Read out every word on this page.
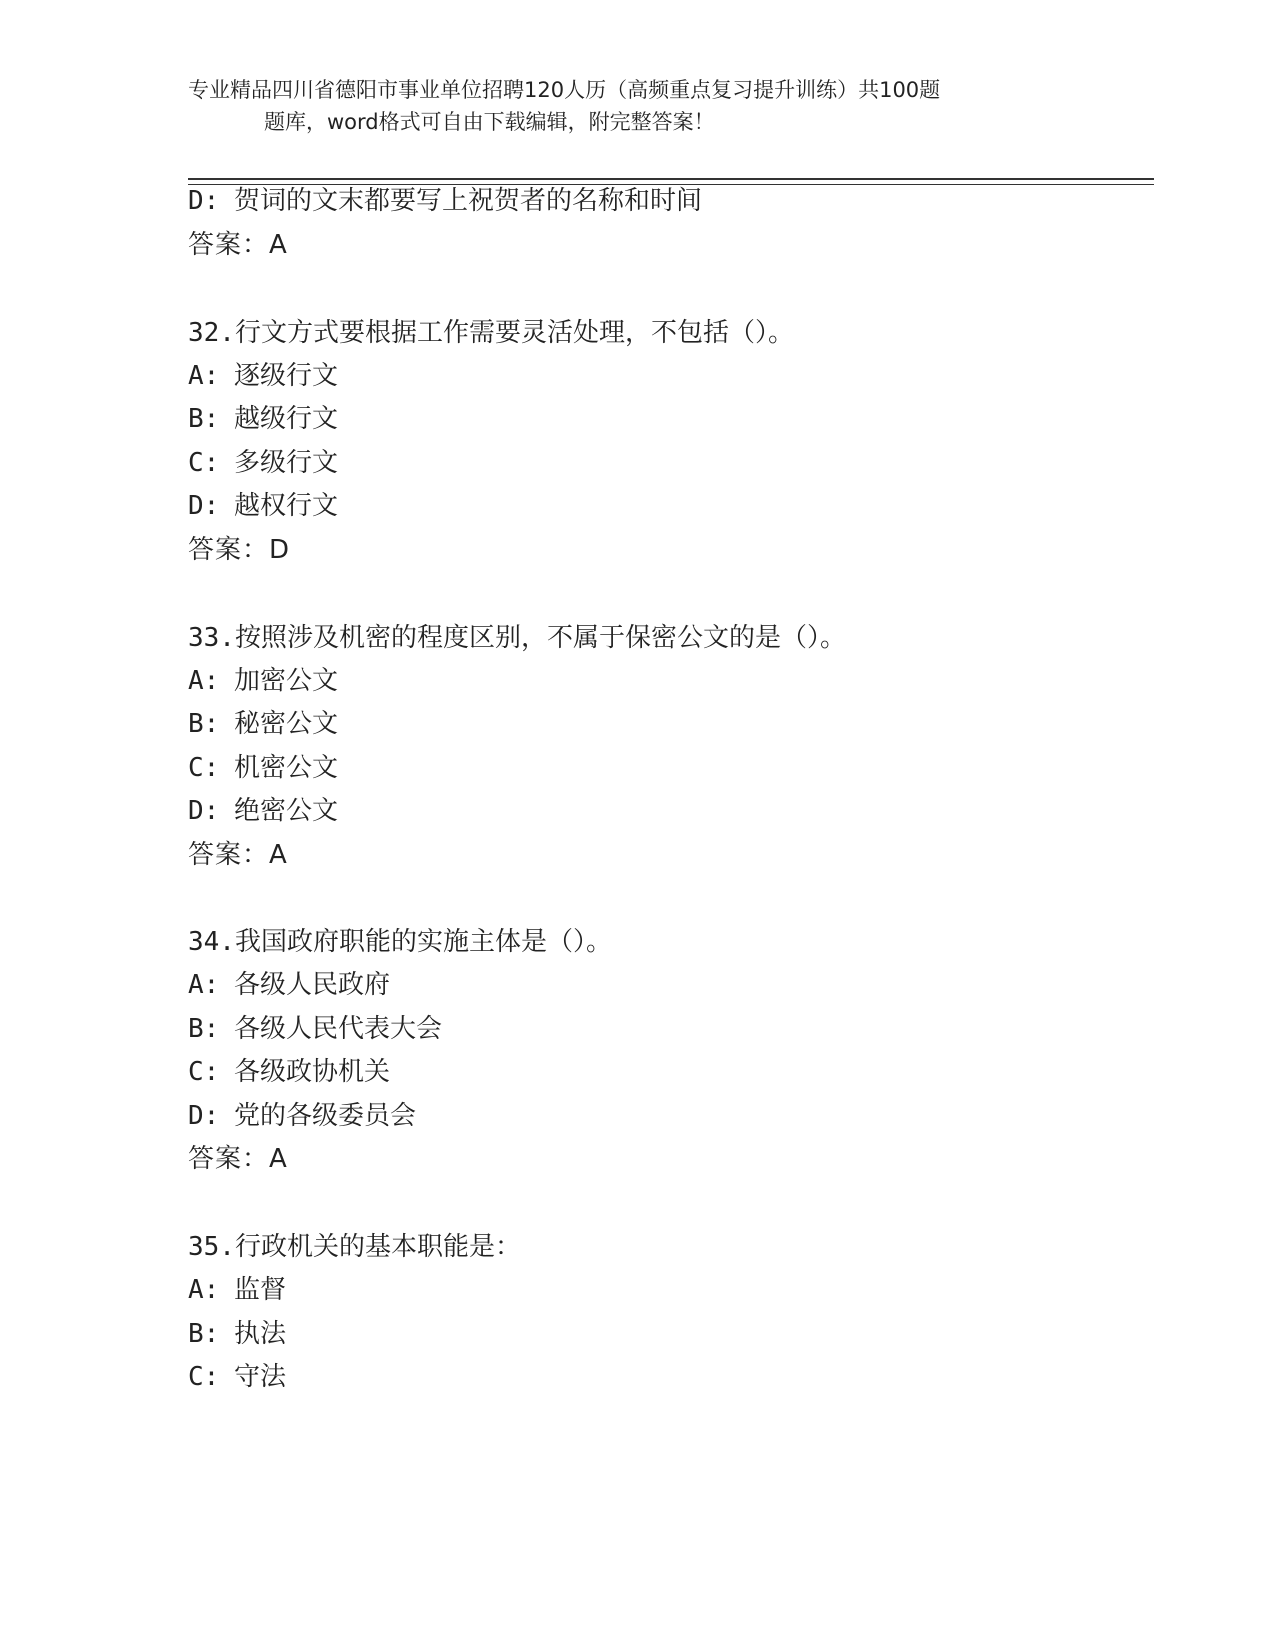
专业精品四川省德阳市事业单位招聘120人历（高频重点复习提升训练）共100题
题库，word格式可自由下载编辑，附完整答案！
D: 贺词的文末都要写上祝贺者的名称和时间
答案：A
32.行文方式要根据工作需要灵活处理，不包括（）。
A: 逐级行文
B: 越级行文
C: 多级行文
D: 越权行文
答案：D
33.按照涉及机密的程度区别，不属于保密公文的是（）。
A: 加密公文
B: 秘密公文
C: 机密公文
D: 绝密公文
答案：A
34.我国政府职能的实施主体是（）。
A: 各级人民政府
B: 各级人民代表大会
C: 各级政协机关
D: 党的各级委员会
答案：A
35.行政机关的基本职能是：
A: 监督
B: 执法
C: 守法
